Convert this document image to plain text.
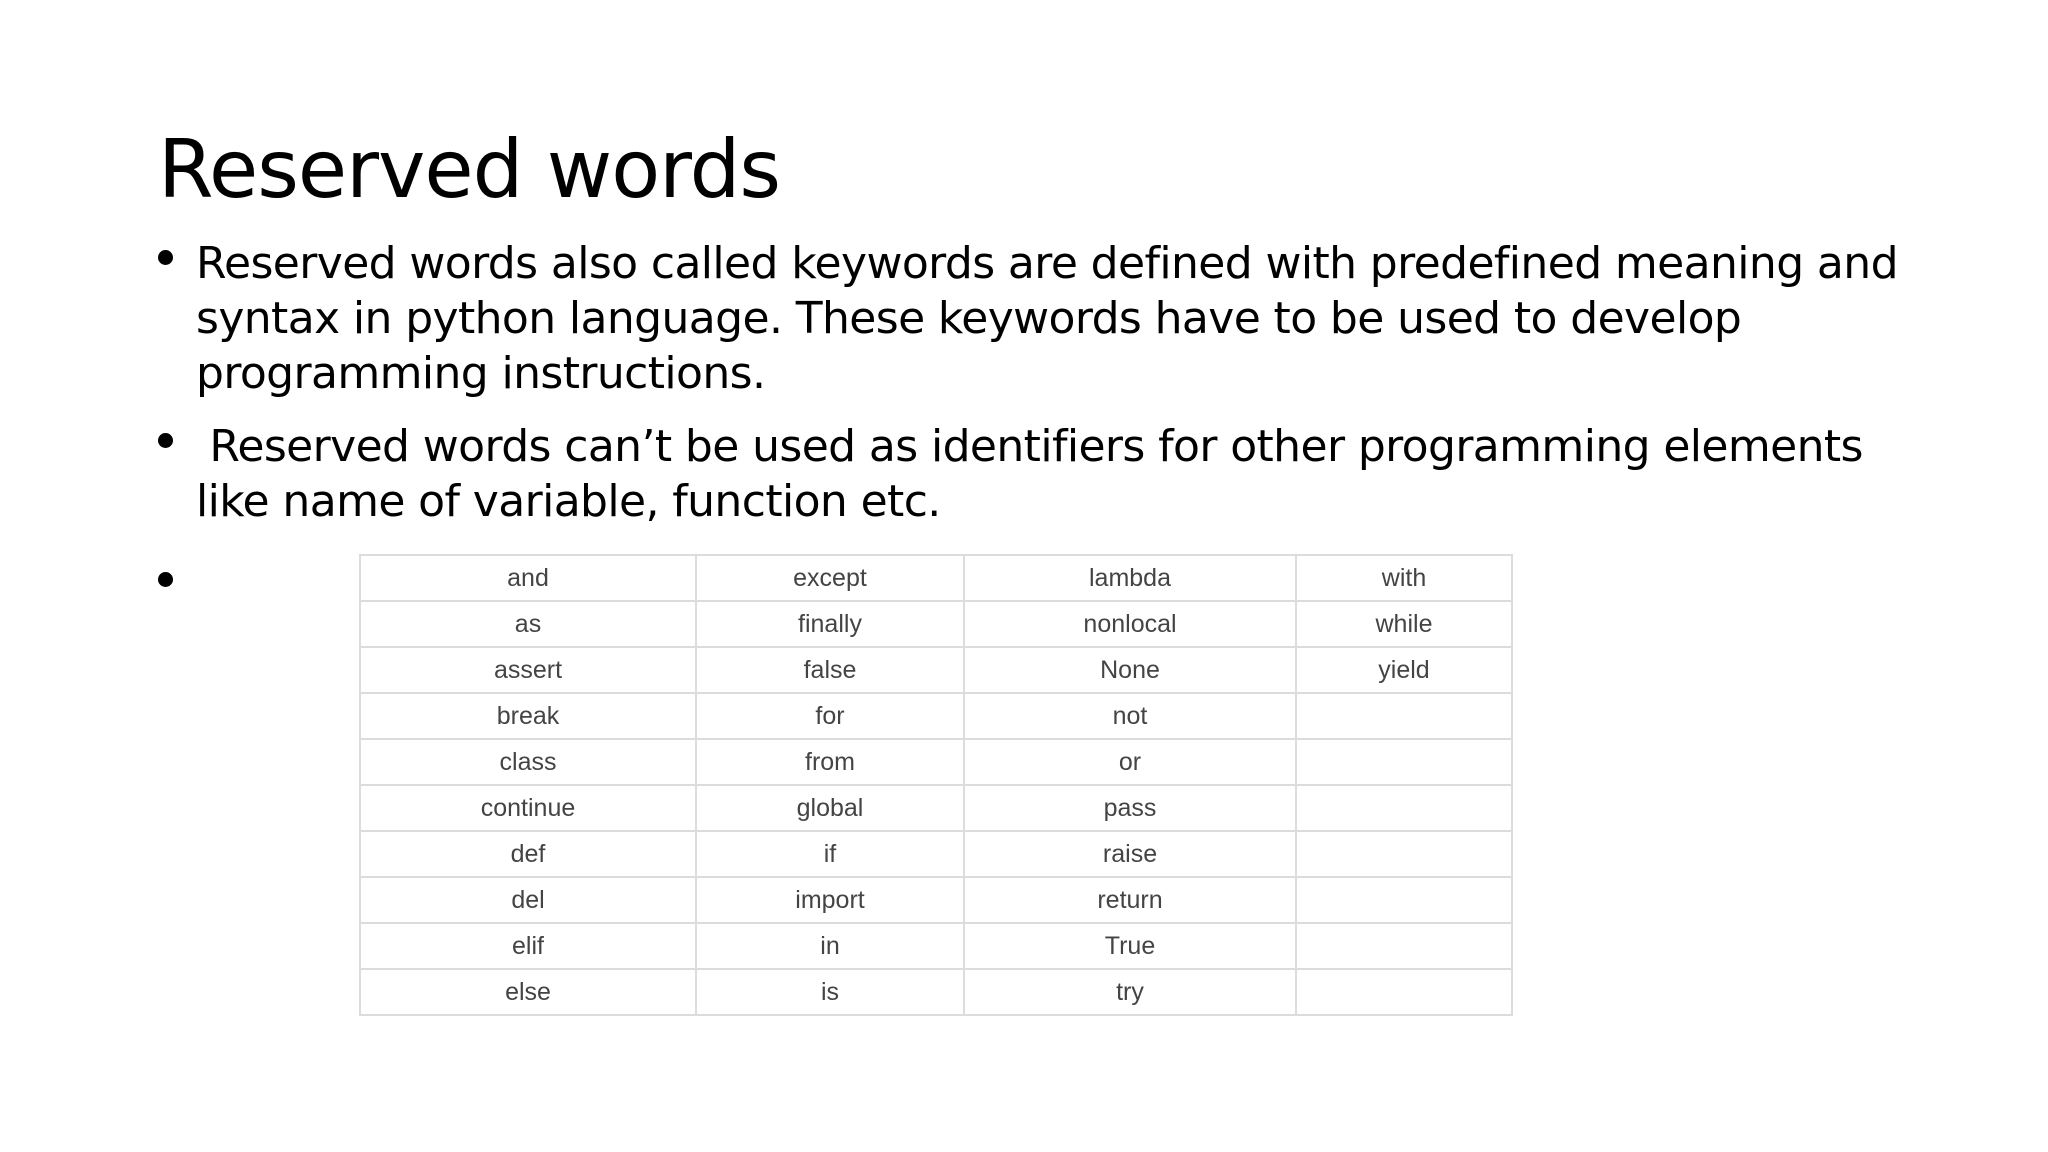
Reserved words
Reserved words also called keywords are defined with predefined meaning and syntax in python language. These keywords have to be used to develop programming instructions.
Reserved words can’t be used as identifiers for other programming elements like name of variable, function etc.
and	except	lambda	with
as	finally	nonlocal	while
assert	false	None	yield
break	for	not	
class	from	or	
continue	global	pass	
def	if	raise	
del	import	return	
elif	in	True	
else	is	try	
